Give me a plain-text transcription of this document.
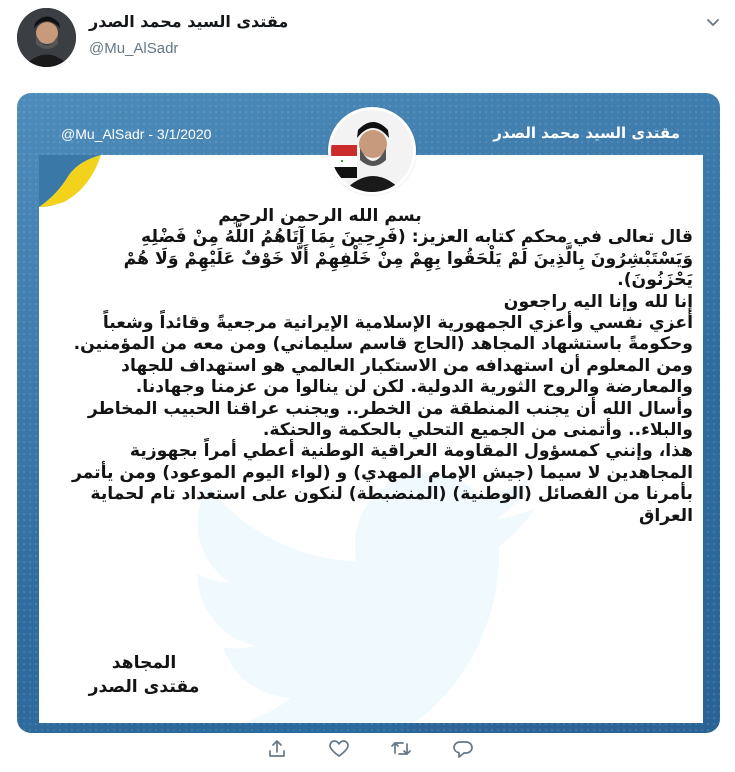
مقتدى السيد محمد الصدر
@Mu_AlSadr
@Mu_AlSadr - 3/1/2020	مقتدى السيد محمد الصدر

بسم الله الرحمن الرحيم

قال تعالى في محكم كتابه العزيز: (فَرِحِينَ بِمَا آتَاهُمُ اللَّهُ مِنْ فَضْلِهِ وَيَسْتَبْشِرُونَ بِالَّذِينَ لَمْ يَلْحَقُوا بِهِمْ مِنْ خَلْفِهِمْ أَلَّا خَوْفٌ عَلَيْهِمْ وَلَا هُمْ يَحْزَنُونَ).

إنا لله وإنا اليه راجعون

أعزي نفسي وأعزي الجمهورية الإسلامية الإيرانية مرجعيةً وقائداً وشعباً وحكومةً باستشهاد المجاهد (الحاج قاسم سليماني) ومن معه من المؤمنين.

ومن المعلوم أن استهدافه من الاستكبار العالمي هو استهداف للجهاد والمعارضة والروح الثورية الدولية. لكن لن ينالوا من عزمنا وجهادنا.

وأسال الله أن يجنب المنطقة من الخطر.. ويجنب عراقنا الحبيب المخاطر والبلاء.. وأتمنى من الجميع التحلي بالحكمة والحنكة.

هذا، وإنني كمسؤول المقاومة العراقية الوطنية أعطي أمراً بجهوزية المجاهدين لا سيما (جيش الإمام المهدي) و (لواء اليوم الموعود) ومن يأتمر بأمرنا من الفصائل (الوطنية) (المنضبطة) لنكون على استعداد تام لحماية العراق

المجاهد
مقتدى الصدر
